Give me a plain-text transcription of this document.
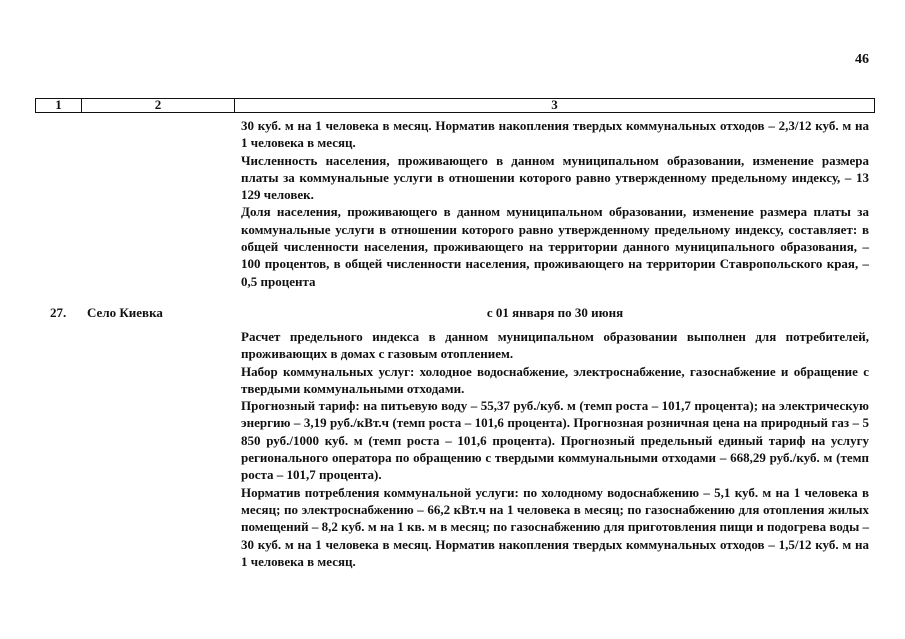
46
1	2	3

30 куб. м на 1 человека в месяц. Норматив накопления твердых коммунальных отходов – 2,3/12 куб. м на 1 человека в месяц.

Численность населения, проживающего в данном муниципальном образовании, изменение размера платы за коммунальные услуги в отношении которого равно утвержденному предельному индексу, – 13 129 человек.

Доля населения, проживающего в данном муниципальном образовании, изменение размера платы за коммунальные услуги в отношении которого равно утвержденному предельному индексу, составляет: в общей численности населения, проживающего на территории данного муниципального образования, – 100 процентов, в общей численности населения, проживающего на территории Ставропольского края, – 0,5 процента

27. Село Киевка	с 01 января по 30 июня

Расчет предельного индекса в данном муниципальном образовании выполнен для потребителей, проживающих в домах с газовым отоплением.

Набор коммунальных услуг: холодное водоснабжение, электроснабжение, газоснабжение и обращение с твердыми коммунальными отходами.

Прогнозный тариф: на питьевую воду – 55,37 руб./куб. м (темп роста – 101,7 процента); на электрическую энергию – 3,19 руб./кВт.ч (темп роста – 101,6 процента). Прогнозная розничная цена на природный газ – 5 850 руб./1000 куб. м (темп роста – 101,6 процента). Прогнозный предельный единый тариф на услугу регионального оператора по обращению с твердыми коммунальными отходами – 668,29 руб./куб. м (темп роста – 101,7 процента).

Норматив потребления коммунальной услуги: по холодному водоснабжению – 5,1 куб. м на 1 человека в месяц; по электроснабжению – 66,2 кВт.ч на 1 человека в месяц; по газоснабжению для отопления жилых помещений – 8,2 куб. м на 1 кв. м в месяц; по газоснабжению для приготовления пищи и подогрева воды – 30 куб. м на 1 человека в месяц. Норматив накопления твердых коммунальных отходов – 1,5/12 куб. м на 1 человека в месяц.
